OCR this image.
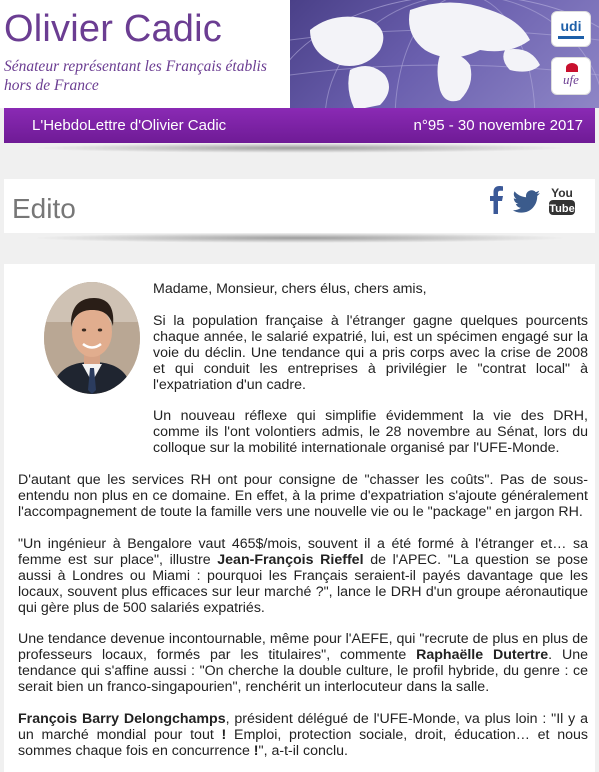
Olivier Cadic
Sénateur représentant les Français établis hors de France
udi
ufe
L'HebdoLettre d'Olivier Cadic	n°95 - 30 novembre 2017
Edito	You
Tube

Madame, Monsieur, chers élus, chers amis,

Si la population française à l'étranger gagne quelques pourcents chaque année, le salarié expatrié, lui, est un spécimen engagé sur la voie du déclin. Une tendance qui a pris corps avec la crise de 2008 et qui conduit les entreprises à privilégier le "contrat local" à l'expatriation d'un cadre.

Un nouveau réflexe qui simplifie évidemment la vie des DRH, comme ils l'ont volontiers admis, le 28 novembre au Sénat, lors du colloque sur la mobilité internationale organisé par l'UFE-Monde.

D'autant que les services RH ont pour consigne de "chasser les coûts". Pas de sous-entendu non plus en ce domaine. En effet, à la prime d'expatriation s'ajoute généralement l'accompagnement de toute la famille vers une nouvelle vie ou le "package" en jargon RH.

"Un ingénieur à Bengalore vaut 465$/mois, souvent il a été formé à l'étranger et… sa femme est sur place", illustre Jean-François Rieffel de l'APEC. "La question se pose aussi à Londres ou Miami : pourquoi les Français seraient-il payés davantage que les locaux, souvent plus efficaces sur leur marché ?", lance le DRH d'un groupe aéronautique qui gère plus de 500 salariés expatriés.

Une tendance devenue incontournable, même pour l'AEFE, qui "recrute de plus en plus de professeurs locaux, formés par les titulaires", commente Raphaëlle Dutertre. Une tendance qui s'affine aussi : "On cherche la double culture, le profil hybride, du genre : ce serait bien un franco-singapourien", renchérit un interlocuteur dans la salle.

François Barry Delongchamps, président délégué de l'UFE-Monde, va plus loin : "Il y a un marché mondial pour tout ! Emploi, protection sociale, droit, éducation… et nous sommes chaque fois en concurrence !", a-t-il conclu.
